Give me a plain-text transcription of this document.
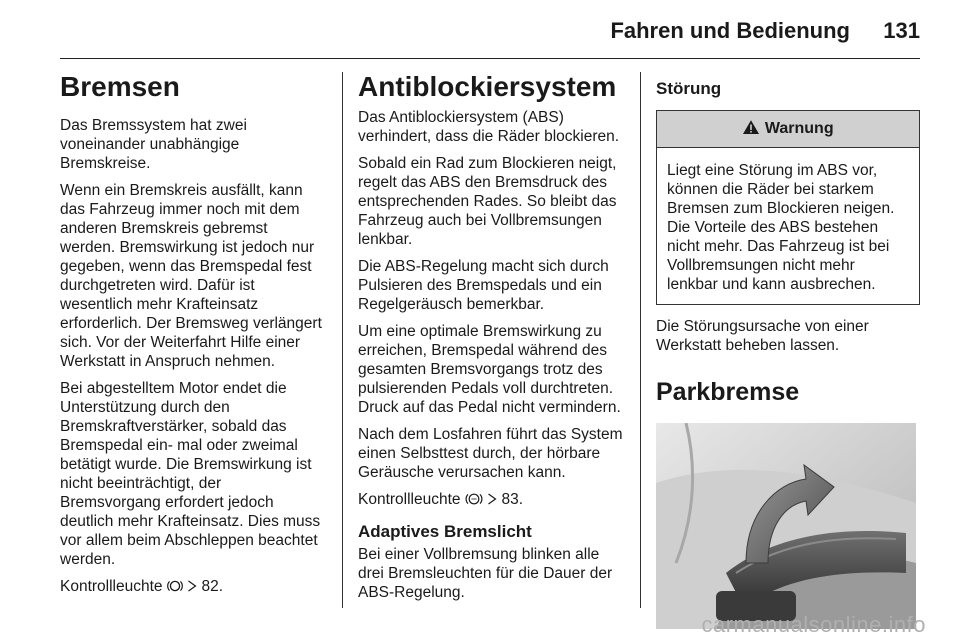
Fahren und Bedienung 131
Bremsen

Das Bremssystem hat zwei voneinander unabhängige Bremskreise.

Wenn ein Bremskreis ausfällt, kann das Fahrzeug immer noch mit dem anderen Bremskreis gebremst werden. Bremswirkung ist jedoch nur gegeben, wenn das Bremspedal fest durchgetreten wird. Dafür ist wesentlich mehr Krafteinsatz erforderlich. Der Bremsweg verlängert sich. Vor der Weiterfahrt Hilfe einer Werkstatt in Anspruch nehmen.

Bei abgestelltem Motor endet die Unterstützung durch den Bremskraftverstärker, sobald das Bremspedal ein- mal oder zweimal betätigt wurde. Die Bremswirkung ist nicht beeinträchtigt, der Bremsvorgang erfordert jedoch deutlich mehr Krafteinsatz. Dies muss vor allem beim Abschleppen beachtet werden.

Kontrollleuchte	82.

Antiblockiersystem

Das Antiblockiersystem (ABS) verhindert, dass die Räder blockieren.

Sobald ein Rad zum Blockieren neigt, regelt das ABS den Bremsdruck des entsprechenden Rades. So bleibt das Fahrzeug auch bei Vollbremsungen lenkbar.

Die ABS-Regelung macht sich durch Pulsieren des Bremspedals und ein Regelgeräusch bemerkbar.

Um eine optimale Bremswirkung zu erreichen, Bremspedal während des gesamten Bremsvorgangs trotz des pulsierenden Pedals voll durchtreten. Druck auf das Pedal nicht vermindern.

Nach dem Losfahren führt das System einen Selbsttest durch, der hörbare Geräusche verursachen kann.

Kontrollleuchte	83.

Adaptives Bremslicht

Bei einer Vollbremsung blinken alle drei Bremsleuchten für die Dauer der ABS-Regelung.

Störung
Warnung
Liegt eine Störung im ABS vor, können die Räder bei starkem Bremsen zum Blockieren neigen. Die Vorteile des ABS bestehen nicht mehr. Das Fahrzeug ist bei Vollbremsungen nicht mehr lenkbar und kann ausbrechen.

Die Störungsursache von einer Werkstatt beheben lassen.

Parkbremse
carmanualsonline.info
